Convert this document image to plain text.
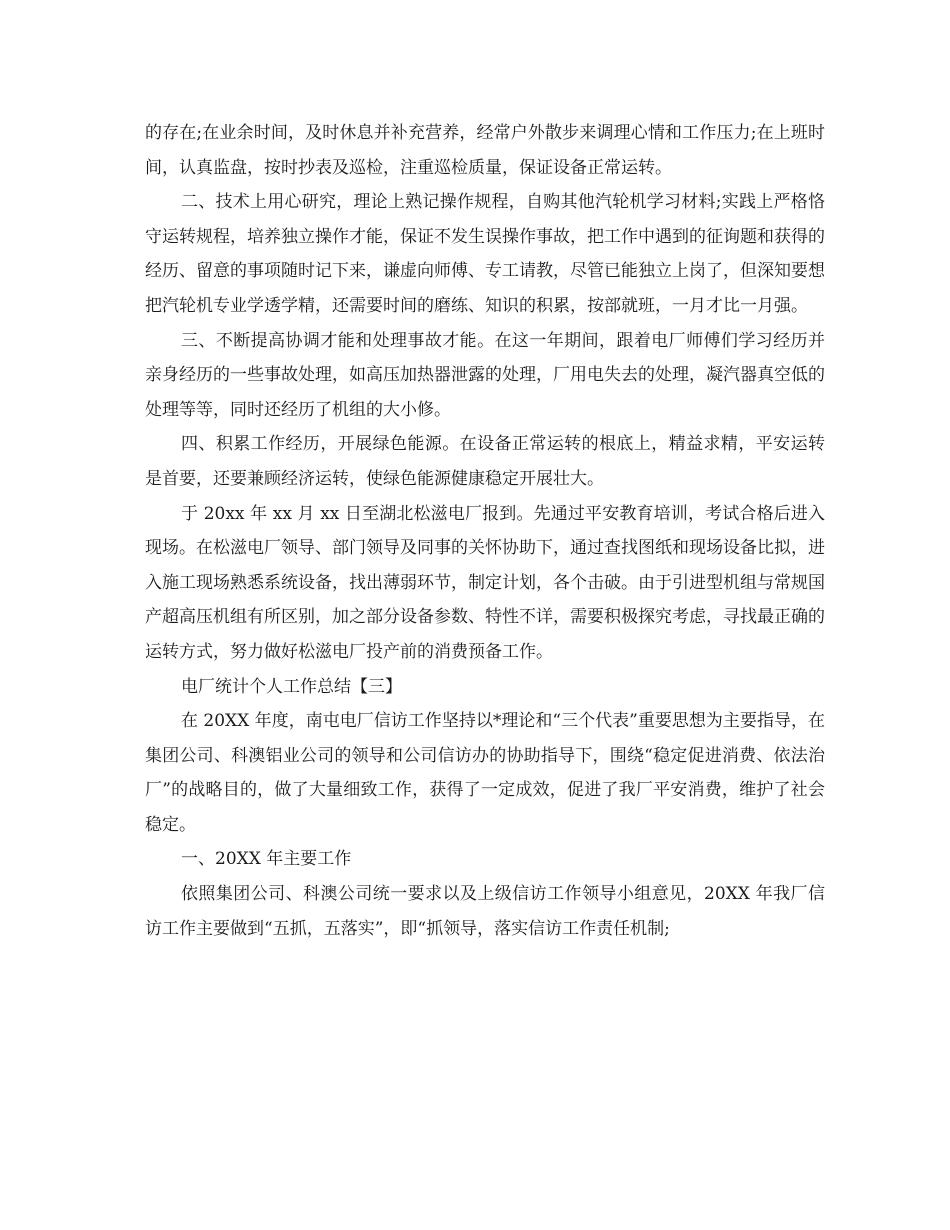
的存在;在业余时间，及时休息并补充营养，经常户外散步来调理心情和工作压力;在上班时间，认真监盘，按时抄表及巡检，注重巡检质量，保证设备正常运转。

二、技术上用心研究，理论上熟记操作规程，自购其他汽轮机学习材料;实践上严格恪守运转规程，培养独立操作才能，保证不发生误操作事故，把工作中遇到的征询题和获得的经历、留意的事项随时记下来，谦虚向师傅、专工请教，尽管已能独立上岗了，但深知要想把汽轮机专业学透学精，还需要时间的磨练、知识的积累，按部就班，一月才比一月强。

三、不断提高协调才能和处理事故才能。在这一年期间，跟着电厂师傅们学习经历并亲身经历的一些事故处理，如高压加热器泄露的处理，厂用电失去的处理，凝汽器真空低的处理等等，同时还经历了机组的大小修。

四、积累工作经历，开展绿色能源。在设备正常运转的根底上，精益求精，平安运转是首要，还要兼顾经济运转，使绿色能源健康稳定开展壮大。

于 20xx 年 xx 月 xx 日至湖北松滋电厂报到。先通过平安教育培训，考试合格后进入现场。在松滋电厂领导、部门领导及同事的关怀协助下，通过查找图纸和现场设备比拟，进入施工现场熟悉系统设备，找出薄弱环节，制定计划，各个击破。由于引进型机组与常规国产超高压机组有所区别，加之部分设备参数、特性不详，需要积极探究考虑，寻找最正确的运转方式，努力做好松滋电厂投产前的消费预备工作。

电厂统计个人工作总结【三】

在 20XX 年度，南屯电厂信访工作坚持以*理论和“三个代表”重要思想为主要指导，在集团公司、科澳铝业公司的领导和公司信访办的协助指导下，围绕“稳定促进消费、依法治厂”的战略目的，做了大量细致工作，获得了一定成效，促进了我厂平安消费，维护了社会稳定。

一、20XX 年主要工作

依照集团公司、科澳公司统一要求以及上级信访工作领导小组意见，20XX 年我厂信访工作主要做到“五抓，五落实”，即“抓领导，落实信访工作责任机制;
